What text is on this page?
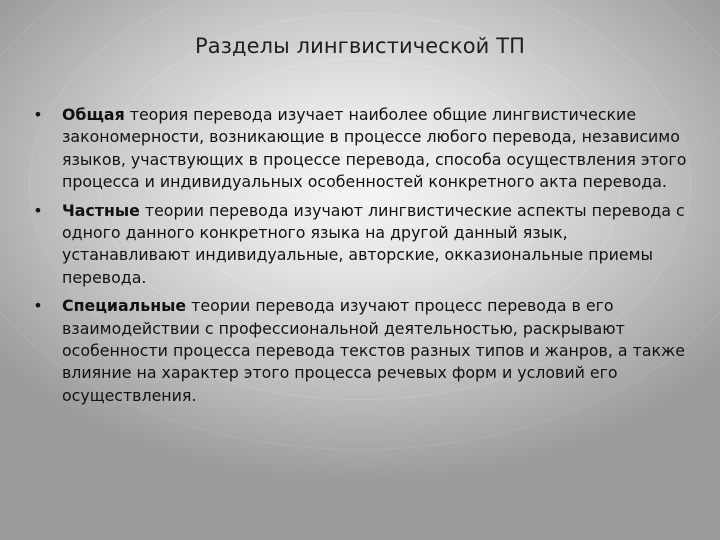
Разделы лингвистической ТП
•	Общая теория перевода изучает наиболее общие лингвистические закономерности, возникающие в процессе любого перевода, независимо языков, участвующих в процессе перевода, способа осуществления этого процесса и индивидуальных особенностей конкретного акта перевода.
•	Частные теории перевода изучают лингвистические аспекты перевода с одного данного конкретного языка на другой данный язык, устанавливают индивидуальные, авторские, окказиональные приемы перевода.
•	Специальные теории перевода изучают процесс перевода в его взаимодействии с профессиональной деятельностью, раскрывают особенности процесса перевода текстов разных типов и жанров, а также влияние на характер этого процесса речевых форм и условий его осуществления.
